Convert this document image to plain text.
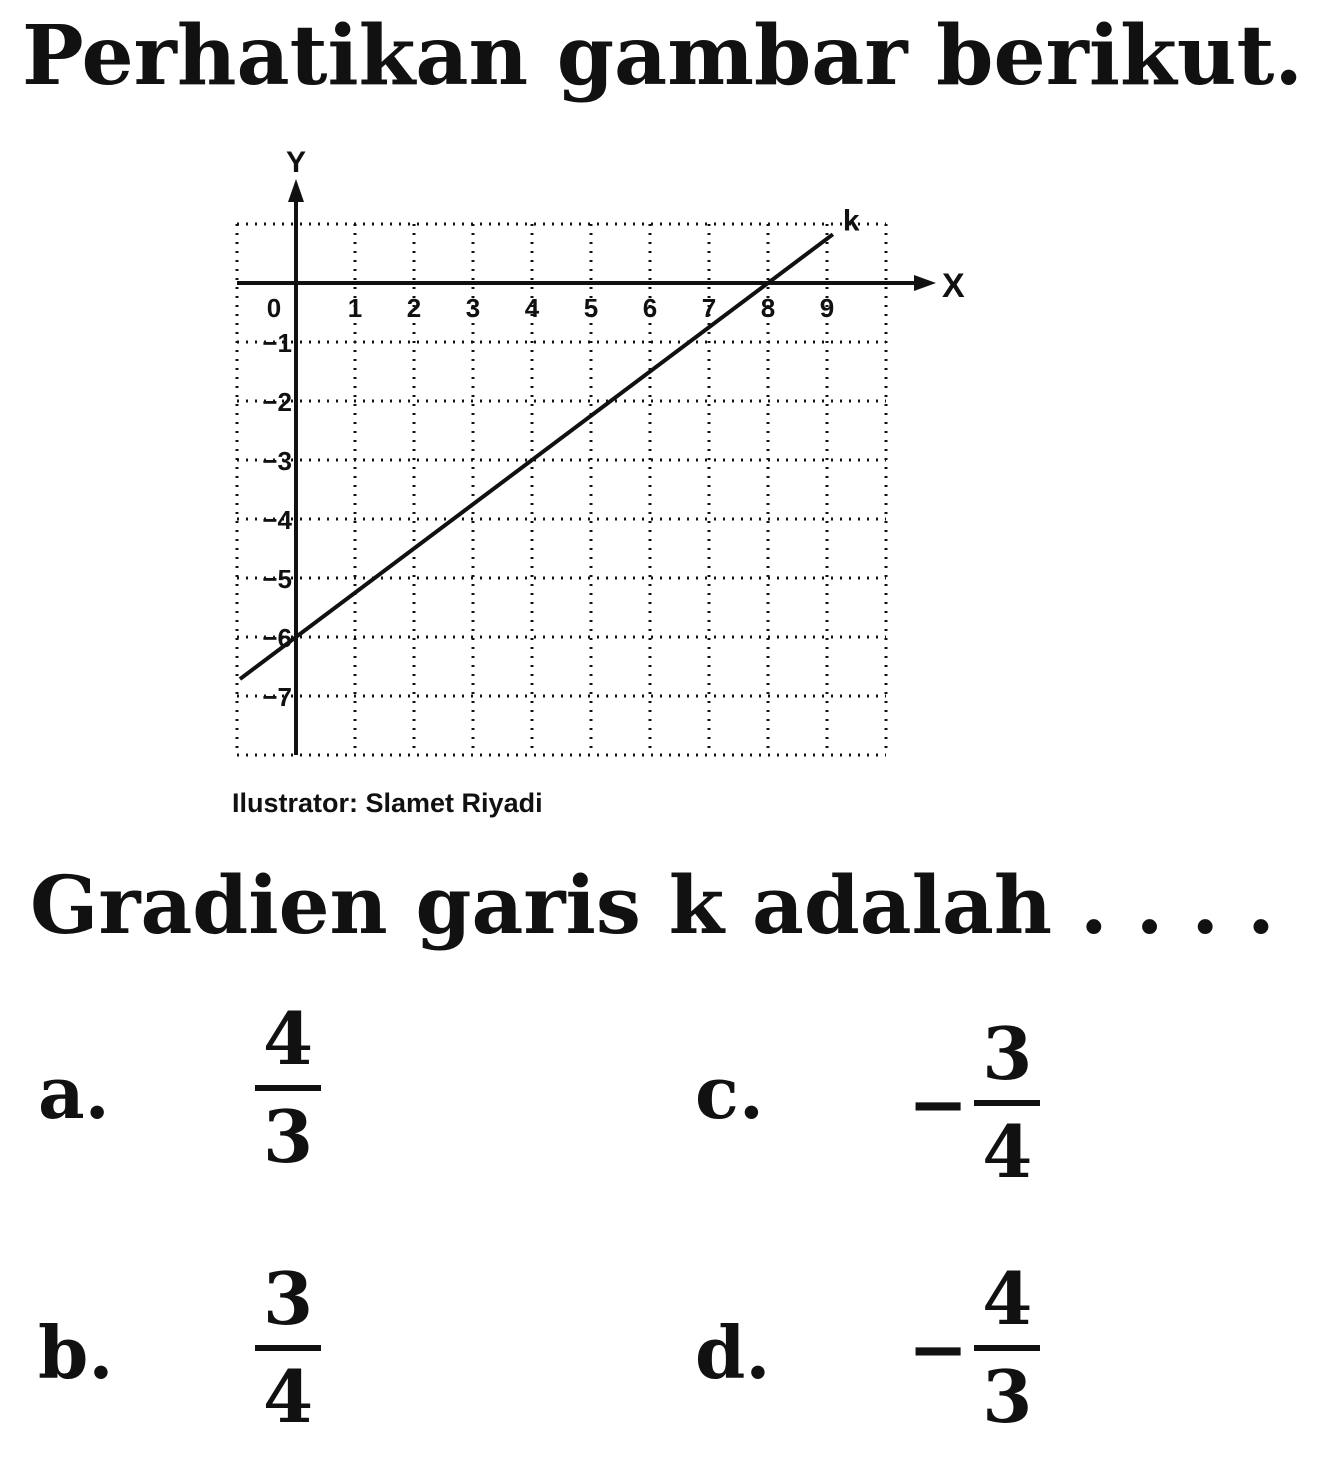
Perhatikan gambar berikut.
X
Y
0	1 2 3 4 5 6 7 8 9
−1
−2
−3
−4
−5
−6
−7
k
Ilustrator: Slamet Riyadi
Gradien garis k adalah . . . .
a.
4
3
b.
3
4
c. −
3
4
d. −
4
3
